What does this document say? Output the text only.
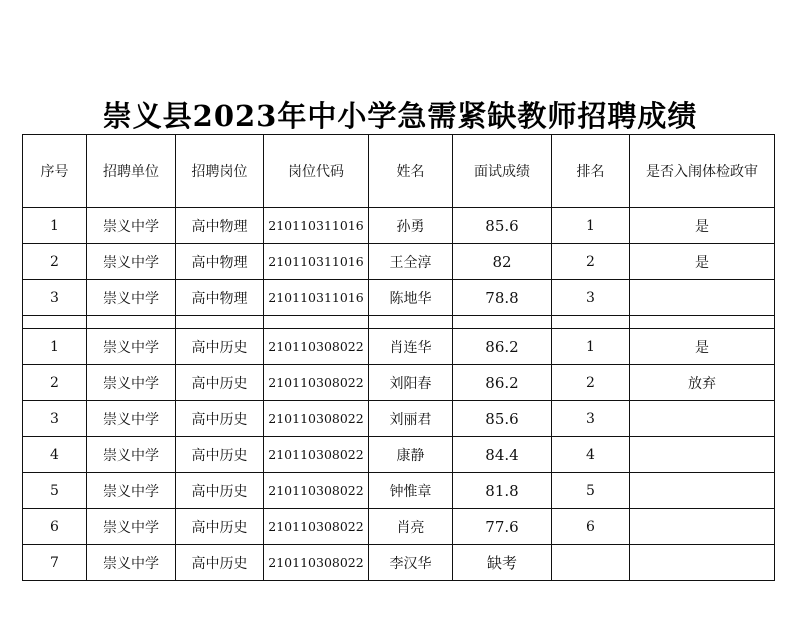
崇义县2023年中小学急需紧缺教师招聘成绩
序号	招聘单位	招聘岗位	岗位代码	姓名	面试成绩	排名	是否入闱体检政审
1	崇义中学	高中物理	210110311016	孙勇	85.6	1	是
2	崇义中学	高中物理	210110311016	王全淳	82	2	是
3	崇义中学	高中物理	210110311016	陈地华	78.8	3	

1	崇义中学	高中历史	210110308022	肖连华	86.2	1	是
2	崇义中学	高中历史	210110308022	刘阳春	86.2	2	放弃
3	崇义中学	高中历史	210110308022	刘丽君	85.6	3	
4	崇义中学	高中历史	210110308022	康静	84.4	4	
5	崇义中学	高中历史	210110308022	钟惟章	81.8	5	
6	崇义中学	高中历史	210110308022	肖亮	77.6	6	
7	崇义中学	高中历史	210110308022	李汉华	缺考		
